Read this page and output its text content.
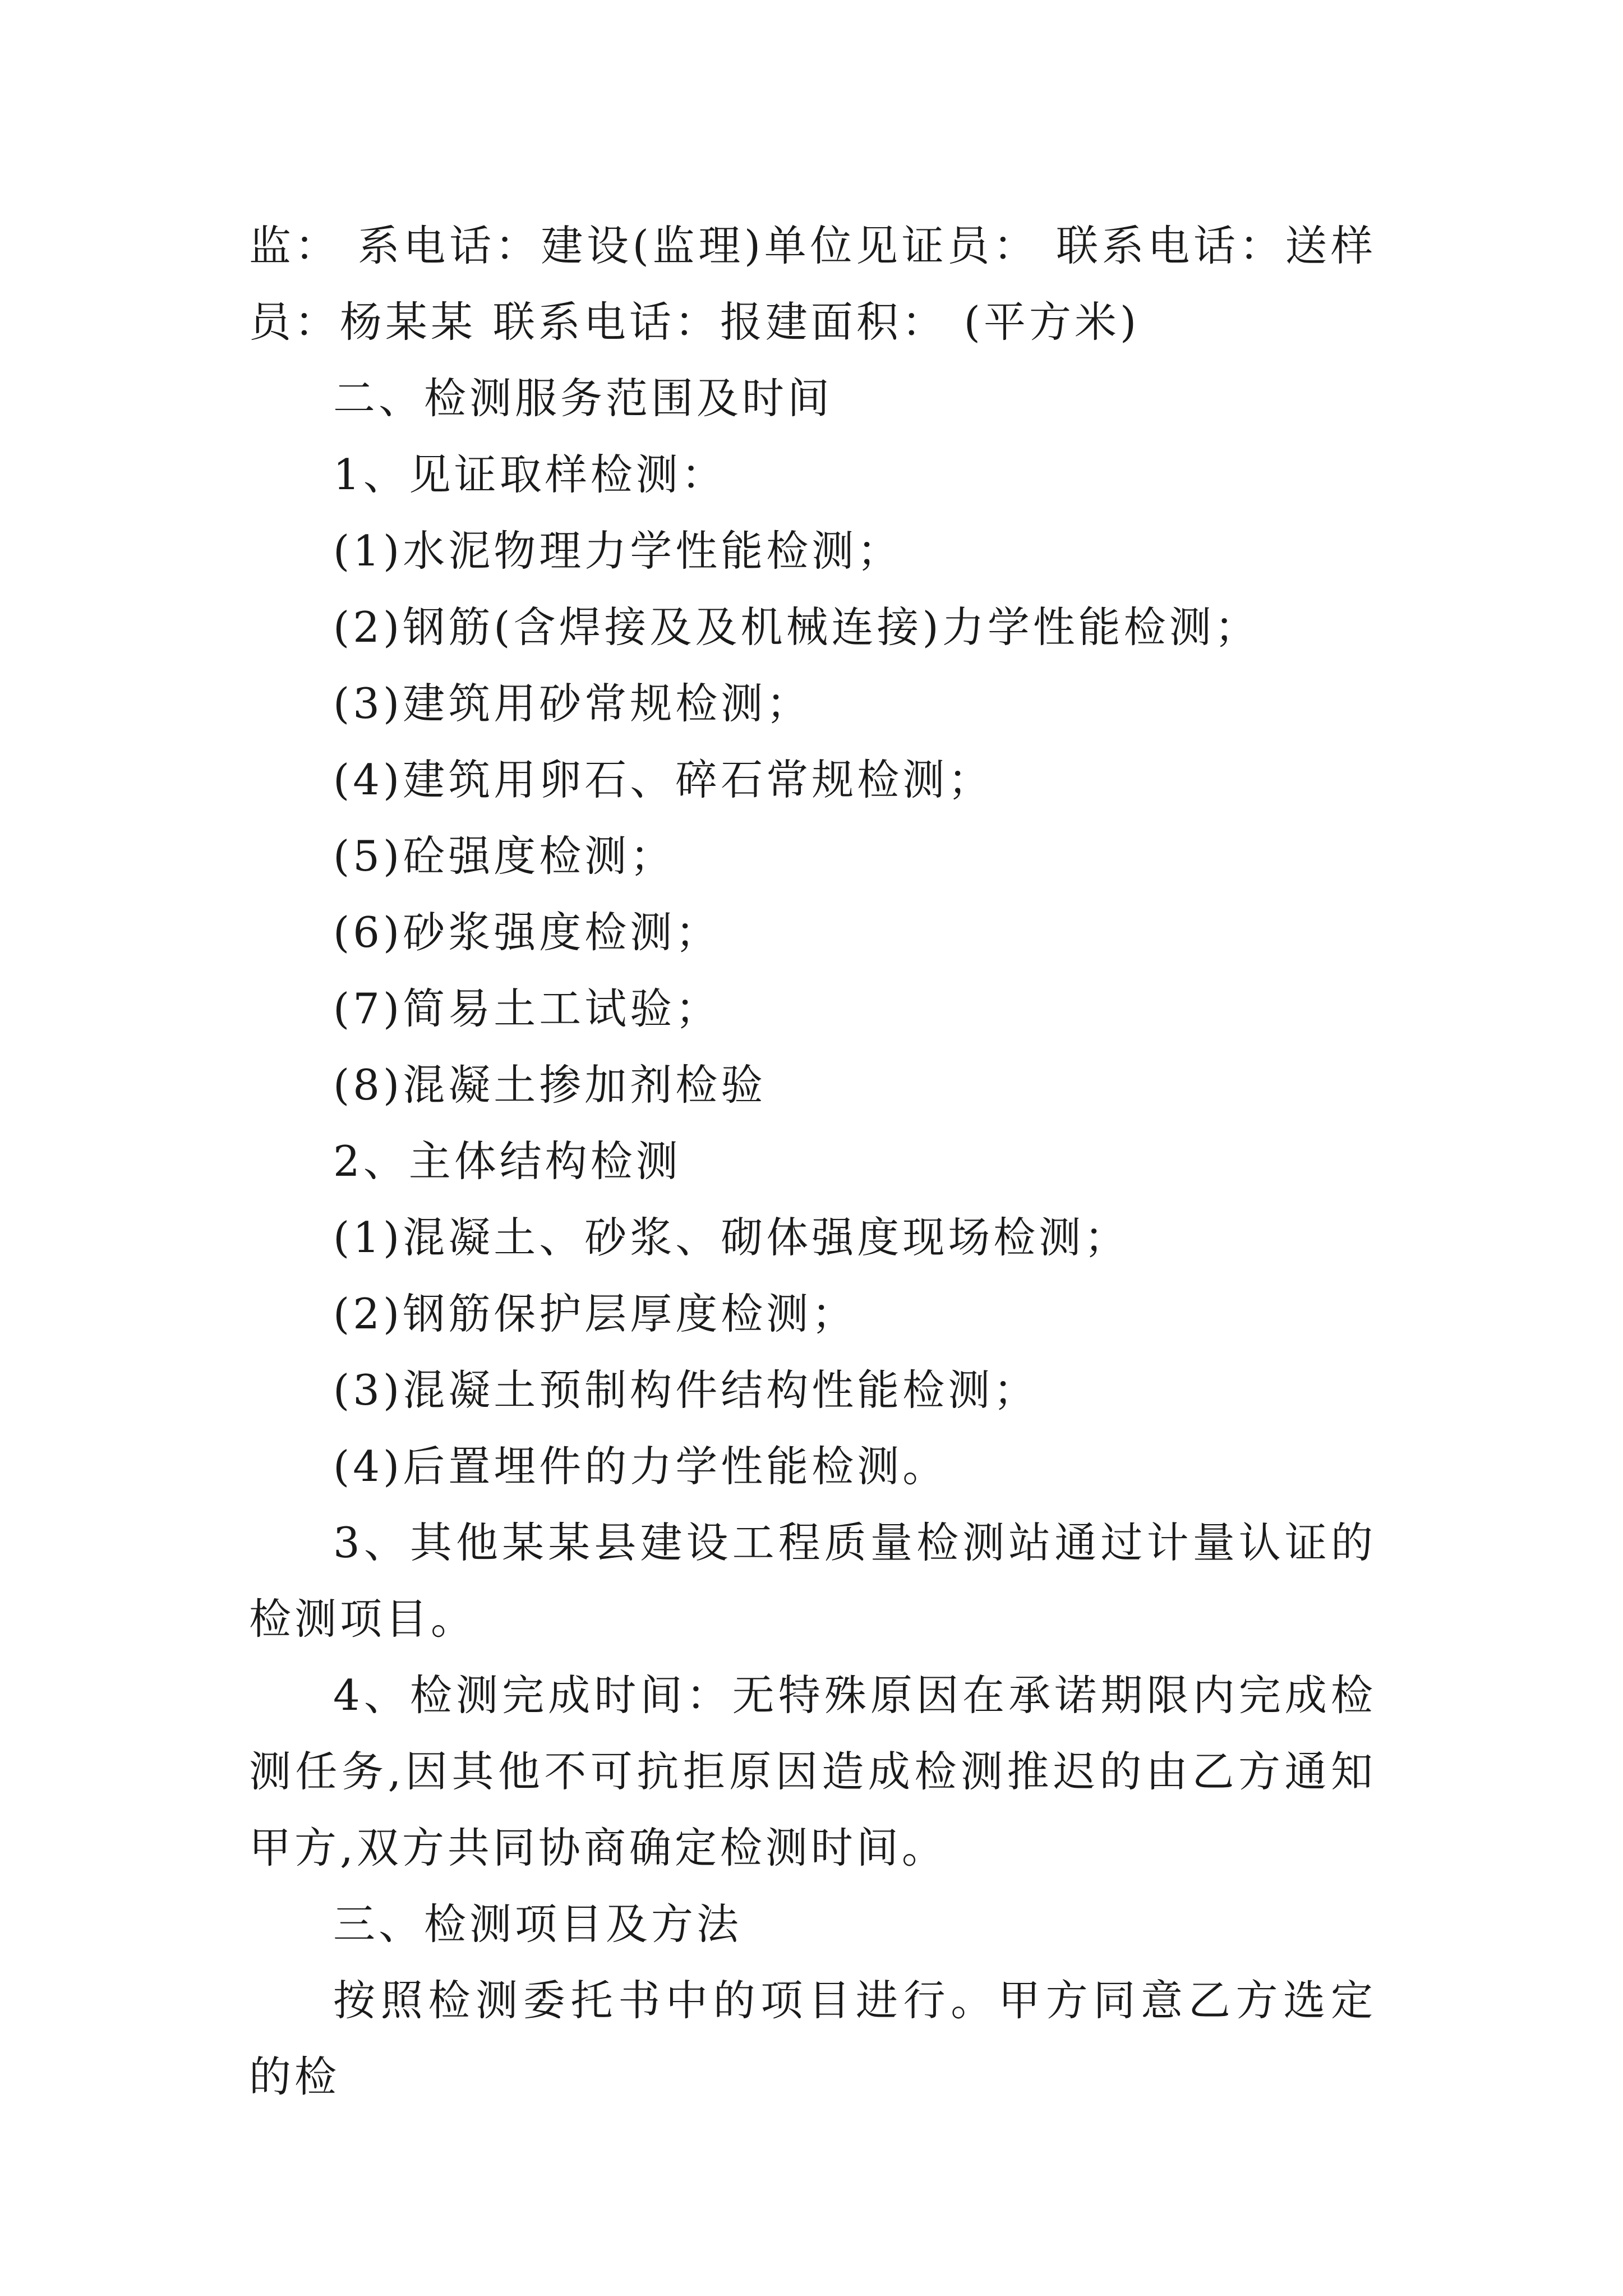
监： 系电话：建设(监理)单位见证员： 联系电话：送样员：杨某某 联系电话：报建面积： (平方米)

二、检测服务范围及时间

1、见证取样检测：

(1)水泥物理力学性能检测；

(2)钢筋(含焊接及及机械连接)力学性能检测；

(3)建筑用砂常规检测；

(4)建筑用卵石、碎石常规检测；

(5)砼强度检测；

(6)砂浆强度检测；

(7)简易土工试验；

(8)混凝土掺加剂检验

2、主体结构检测

(1)混凝土、砂浆、砌体强度现场检测；

(2)钢筋保护层厚度检测；

(3)混凝土预制构件结构性能检测；

(4)后置埋件的力学性能检测。

3、其他某某县建设工程质量检测站通过计量认证的检测项目。

4、检测完成时间：无特殊原因在承诺期限内完成检测任务,因其他不可抗拒原因造成检测推迟的由乙方通知甲方,双方共同协商确定检测时间。

三、检测项目及方法

按照检测委托书中的项目进行。甲方同意乙方选定的检
